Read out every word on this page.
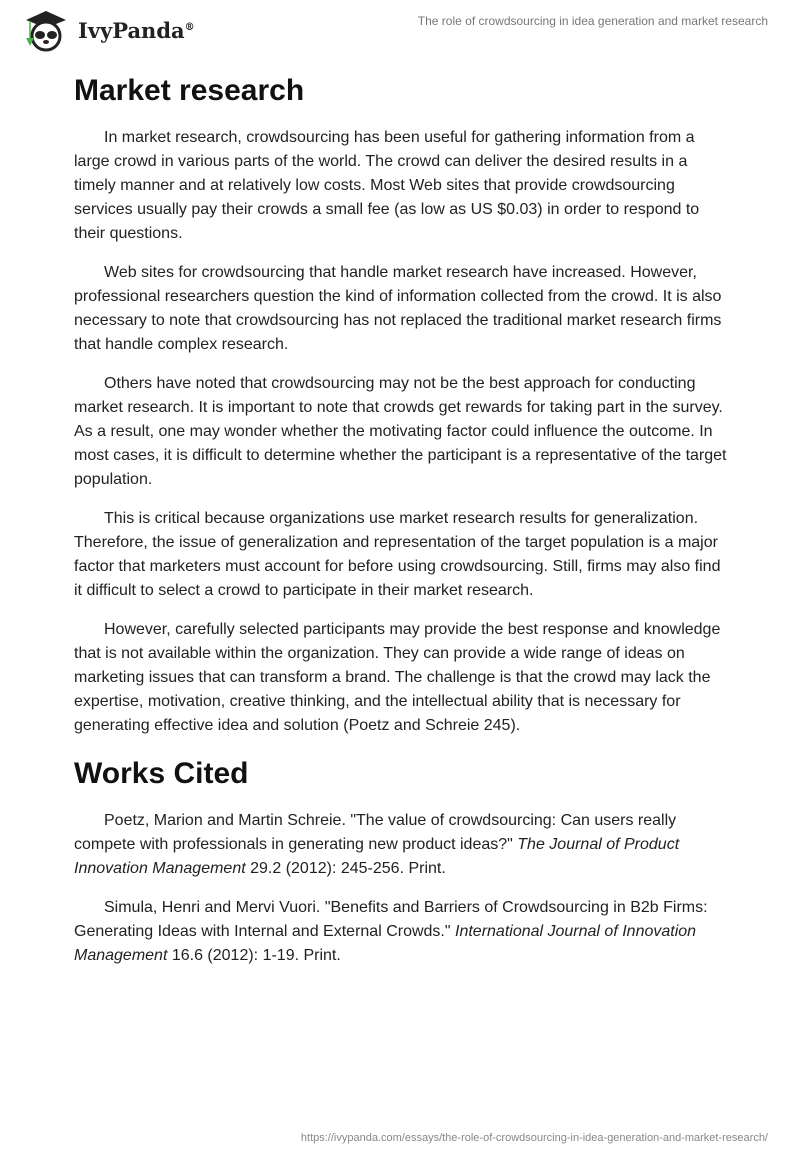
IvyPanda®	The role of crowdsourcing in idea generation and market research
Market research

In market research, crowdsourcing has been useful for gathering information from a large crowd in various parts of the world. The crowd can deliver the desired results in a timely manner and at relatively low costs. Most Web sites that provide crowdsourcing services usually pay their crowds a small fee (as low as US $0.03) in order to respond to their questions.

Web sites for crowdsourcing that handle market research have increased. However, professional researchers question the kind of information collected from the crowd. It is also necessary to note that crowdsourcing has not replaced the traditional market research firms that handle complex research.

Others have noted that crowdsourcing may not be the best approach for conducting market research. It is important to note that crowds get rewards for taking part in the survey. As a result, one may wonder whether the motivating factor could influence the outcome. In most cases, it is difficult to determine whether the participant is a representative of the target population.

This is critical because organizations use market research results for generalization. Therefore, the issue of generalization and representation of the target population is a major factor that marketers must account for before using crowdsourcing. Still, firms may also find it difficult to select a crowd to participate in their market research.

However, carefully selected participants may provide the best response and knowledge that is not available within the organization. They can provide a wide range of ideas on marketing issues that can transform a brand. The challenge is that the crowd may lack the expertise, motivation, creative thinking, and the intellectual ability that is necessary for generating effective idea and solution (Poetz and Schreie 245).

Works Cited

Poetz, Marion and Martin Schreie. "The value of crowdsourcing: Can users really compete with professionals in generating new product ideas?" The Journal of Product Innovation Management 29.2 (2012): 245-256. Print.

Simula, Henri and Mervi Vuori. "Benefits and Barriers of Crowdsourcing in B2b Firms: Generating Ideas with Internal and External Crowds." International Journal of Innovation Management 16.6 (2012): 1-19. Print.

https://ivypanda.com/essays/the-role-of-crowdsourcing-in-idea-generation-and-market-research/
